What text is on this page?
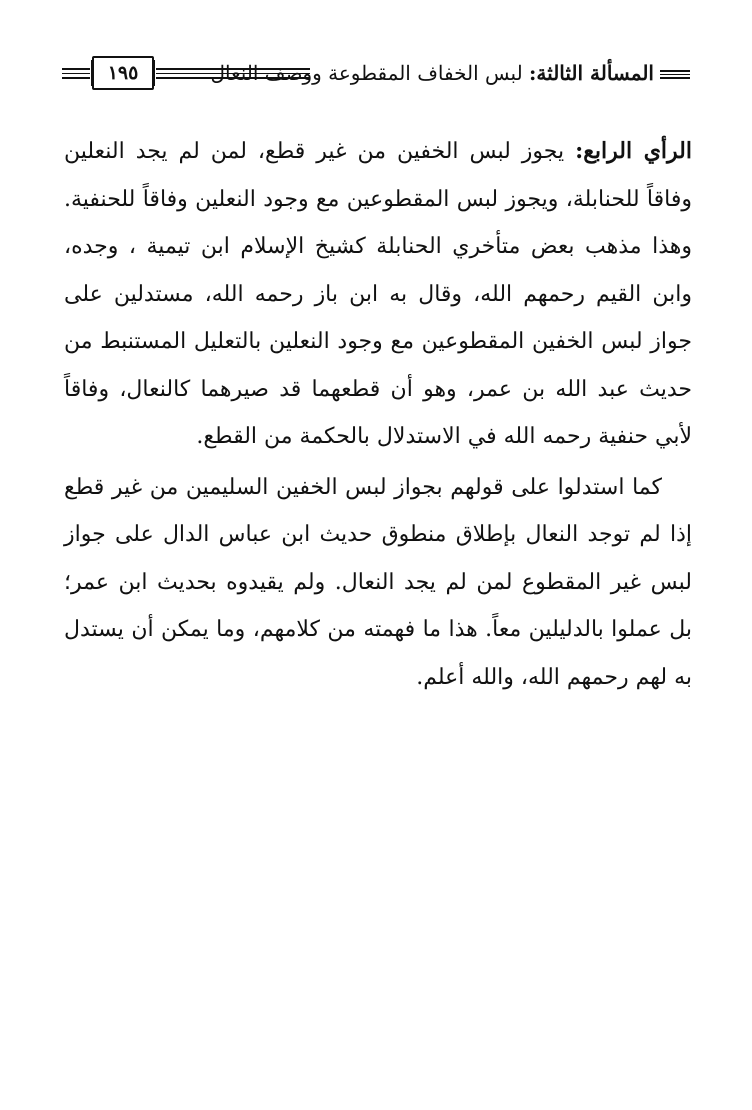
المسألة الثالثة: لبس الخفاف المقطوعة ووصف النعال
١٩٥

الرأي الرابع: يجوز لبس الخفين من غير قطع، لمن لم يجد النعلين وفاقاً للحنابلة، ويجوز لبس المقطوعين مع وجود النعلين وفاقاً للحنفية. وهذا مذهب بعض متأخري الحنابلة كشيخ الإسلام ابن تيمية ، وجده، وابن القيم رحمهم الله، وقال به ابن باز رحمه الله، مستدلين على جواز لبس الخفين المقطوعين مع وجود النعلين بالتعليل المستنبط من حديث عبد الله بن عمر، وهو أن قطعهما قد صيرهما كالنعال، وفاقاً لأبي حنفية رحمه الله في الاستدلال بالحكمة من القطع.

كما استدلوا على قولهم بجواز لبس الخفين السليمين من غير قطع إذا لم توجد النعال بإطلاق منطوق حديث ابن عباس الدال على جواز لبس غير المقطوع لمن لم يجد النعال. ولم يقيدوه بحديث ابن عمر؛ بل عملوا بالدليلين معاً. هذا ما فهمته من كلامهم، وما يمكن أن يستدل به لهم رحمهم الله، والله أعلم.
